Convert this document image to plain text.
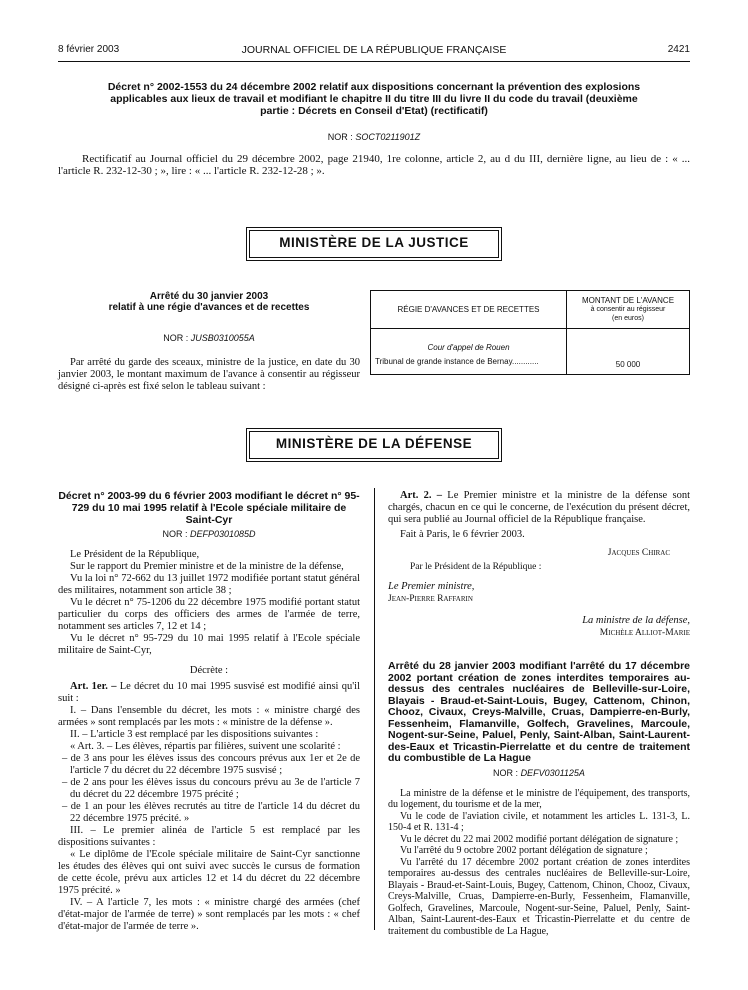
8 février 2003	JOURNAL OFFICIEL DE LA RÉPUBLIQUE FRANÇAISE	2421
Décret n° 2002-1553 du 24 décembre 2002 relatif aux dispositions concernant la prévention des explosions applicables aux lieux de travail et modifiant le chapitre II du titre III du livre II du code du travail (deuxième partie : Décrets en Conseil d'Etat) (rectificatif)
NOR : SOCT0211901Z
Rectificatif au Journal officiel du 29 décembre 2002, page 21940, 1re colonne, article 2, au d du III, dernière ligne, au lieu de : « ... l'article R. 232-12-30 ; », lire : « ... l'article R. 232-12-28 ; ».
MINISTÈRE DE LA JUSTICE
Arrêté du 30 janvier 2003
relatif à une régie d'avances et de recettes
NOR : JUSB0310055A
Par arrêté du garde des sceaux, ministre de la justice, en date du 30 janvier 2003, le montant maximum de l'avance à consentir au régisseur désigné ci-après est fixé selon le tableau suivant :
RÉGIE D'AVANCES ET DE RECETTES	MONTANT DE L'AVANCE
à consentir au régisseur
(en euros)

Cour d'appel de Rouen
Tribunal de grande instance de Bernay............	50 000
MINISTÈRE DE LA DÉFENSE
Décret n° 2003-99 du 6 février 2003 modifiant le décret n° 95-729 du 10 mai 1995 relatif à l'Ecole spéciale militaire de Saint-Cyr
NOR : DEFP0301085D

Le Président de la République,

Sur le rapport du Premier ministre et de la ministre de la défense,

Vu la loi n° 72-662 du 13 juillet 1972 modifiée portant statut général des militaires, notamment son article 38 ;

Vu le décret n° 75-1206 du 22 décembre 1975 modifié portant statut particulier du corps des officiers des armes de l'armée de terre, notamment ses articles 7, 12 et 14 ;

Vu le décret n° 95-729 du 10 mai 1995 relatif à l'Ecole spéciale militaire de Saint-Cyr,

Décrète :

Art. 1er. – Le décret du 10 mai 1995 susvisé est modifié ainsi qu'il suit :

I. – Dans l'ensemble du décret, les mots : « ministre chargé des armées » sont remplacés par les mots : « ministre de la défense ».

II. – L'article 3 est remplacé par les dispositions suivantes :

« Art. 3. – Les élèves, répartis par filières, suivent une scolarité :

– de 3 ans pour les élèves issus des concours prévus aux 1er et 2e de l'article 7 du décret du 22 décembre 1975 susvisé ;

– de 2 ans pour les élèves issus du concours prévu au 3e de l'article 7 du décret du 22 décembre 1975 précité ;

– de 1 an pour les élèves recrutés au titre de l'article 14 du décret du 22 décembre 1975 précité. »

III. – Le premier alinéa de l'article 5 est remplacé par les dispositions suivantes :

« Le diplôme de l'Ecole spéciale militaire de Saint-Cyr sanctionne les études des élèves qui ont suivi avec succès le cursus de formation de cette école, prévu aux articles 12 et 14 du décret du 22 décembre 1975 précité. »

IV. – A l'article 7, les mots : « ministre chargé des armées (chef d'état-major de l'armée de terre) » sont remplacés par les mots : « chef d'état-major de l'armée de terre ».

Art. 2. – Le Premier ministre et la ministre de la défense sont chargés, chacun en ce qui le concerne, de l'exécution du présent décret, qui sera publié au Journal officiel de la République française.

Fait à Paris, le 6 février 2003.

Jacques Chirac
Par le Président de la République :
Le Premier ministre,
Jean-Pierre Raffarin
La ministre de la défense,
Michèle Alliot-Marie
Arrêté du 28 janvier 2003 modifiant l'arrêté du 17 décembre 2002 portant création de zones interdites temporaires au-dessus des centrales nucléaires de Belleville-sur-Loire, Blayais - Braud-et-Saint-Louis, Bugey, Cattenom, Chinon, Chooz, Civaux, Creys-Malville, Cruas, Dampierre-en-Burly, Fessenheim, Flamanville, Golfech, Gravelines, Marcoule, Nogent-sur-Seine, Paluel, Penly, Saint-Alban, Saint-Laurent-des-Eaux et Tricastin-Pierrelatte et du centre de traitement du combustible de La Hague
NOR : DEFV0301125A

La ministre de la défense et le ministre de l'équipement, des transports, du logement, du tourisme et de la mer,

Vu le code de l'aviation civile, et notamment les articles L. 131-3, L. 150-4 et R. 131-4 ;

Vu le décret du 22 mai 2002 modifié portant délégation de signature ;

Vu l'arrêté du 9 octobre 2002 portant délégation de signature ;

Vu l'arrêté du 17 décembre 2002 portant création de zones interdites temporaires au-dessus des centrales nucléaires de Belleville-sur-Loire, Blayais - Braud-et-Saint-Louis, Bugey, Cattenom, Chinon, Chooz, Civaux, Creys-Malville, Cruas, Dampierre-en-Burly, Fessenheim, Flamanville, Golfech, Gravelines, Marcoule, Nogent-sur-Seine, Paluel, Penly, Saint-Alban, Saint-Laurent-des-Eaux et Tricastin-Pierrelatte et du centre de traitement du combustible de La Hague,
